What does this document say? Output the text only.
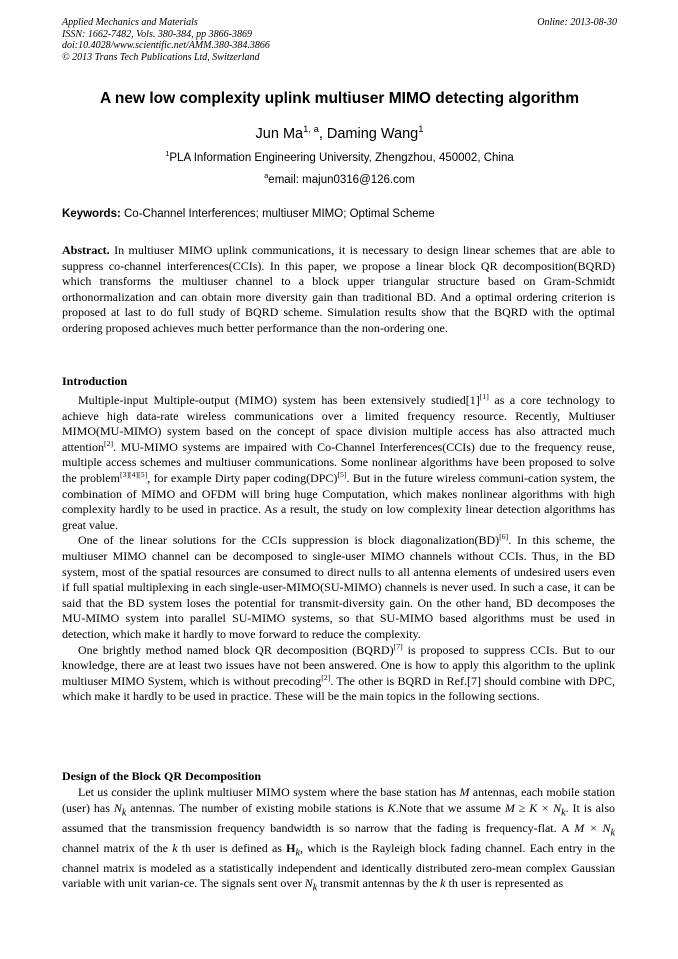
Applied Mechanics and Materials
ISSN: 1662-7482, Vols. 380-384, pp 3866-3869
doi:10.4028/www.scientific.net/AMM.380-384.3866
© 2013 Trans Tech Publications Ltd, Switzerland
Online: 2013-08-30
A new low complexity uplink multiuser MIMO detecting algorithm
Jun Ma$^{1, a}$, Daming Wang$^1$
$^1$PLA Information Engineering University, Zhengzhou, 450002, China
$^a$email: majun0316@126.com
Keywords: Co-Channel Interferences; multiuser MIMO; Optimal Scheme
Abstract. In multiuser MIMO uplink communications, it is necessary to design linear schemes that are able to suppress co-channel interferences(CCIs). In this paper, we propose a linear block QR decomposition(BQRD) which transforms the multiuser channel to a block upper triangular structure based on Gram-Schmidt orthonormalization and can obtain more diversity gain than traditional BD. And a optimal ordering criterion is proposed at last to do full study of BQRD scheme. Simulation results show that the BQRD with the optimal ordering proposed achieves much better performance than the non-ordering one.
Introduction

Multiple-input Multiple-output (MIMO) system has been extensively studied[1][1] as a core technology to achieve high data-rate wireless communications over a limited frequency resource. Recently, Multiuser MIMO(MU-MIMO) system based on the concept of space division multiple access has also attracted much attention[2]. MU-MIMO systems are impaired with Co-Channel Interferences(CCIs) due to the frequency reuse, multiple access schemes and multiuser communications. Some nonlinear algorithms have been proposed to solve the problem[3][4][5], for example Dirty paper coding(DPC)[5]. But in the future wireless communi-cation system, the combination of MIMO and OFDM will bring huge Computation, which makes nonlinear algorithms with high complexity hardly to be used in practice. As a result, the study on low complexity linear detection algorithms has great value.

One of the linear solutions for the CCIs suppression is block diagonalization(BD)[6]. In this scheme, the multiuser MIMO channel can be decomposed to single-user MIMO channels without CCIs. Thus, in the BD system, most of the spatial resources are consumed to direct nulls to all antenna elements of undesired users even if full spatial multiplexing in each single-user-MIMO(SU-MIMO) channels is never used. In such a case, it can be said that the BD system loses the potential for transmit-diversity gain. On the other hand, BD decomposes the MU-MIMO system into parallel SU-MIMO systems, so that SU-MIMO based algorithms must be used in detection, which make it hardly to move forward to reduce the complexity.

One brightly method named block QR decomposition (BQRD)[7] is proposed to suppress CCIs. But to our knowledge, there are at least two issues have not been answered. One is how to apply this algorithm to the uplink multiuser MIMO System, which is without precoding[2]. The other is BQRD in Ref.[7] should combine with DPC, which make it hardly to be used in practice. These will be the main topics in the following sections.

Design of the Block QR Decomposition

Let us consider the uplink multiuser MIMO system where the base station has M antennas, each mobile station (user) has $N_k$ antennas. The number of existing mobile stations is K.Note that we assume $M \ge K \times N_k$. It is also assumed that the transmission frequency bandwidth is so narrow that the fading is frequency-flat. A $M \times N_k$ channel matrix of the k th user is defined as $H_k$, which is the Rayleigh block fading channel. Each entry in the channel matrix is modeled as a statistically independent and identically distributed zero-mean complex Gaussian variable with unit varian-ce. The signals sent over $N_k$ transmit antennas by the k th user is represented as
